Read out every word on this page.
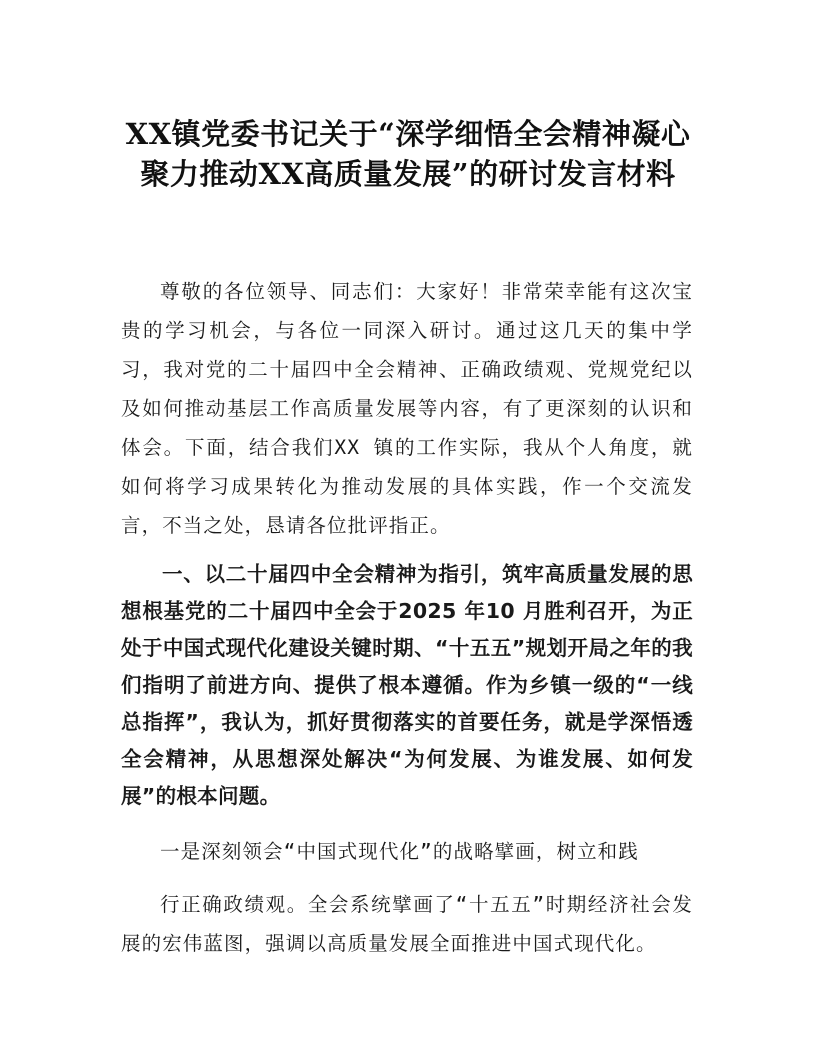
XX镇党委书记关于“深学细悟全会精神凝心聚力推动XX高质量发展”的研讨发言材料

尊敬的各位领导、同志们：大家好！非常荣幸能有这次宝贵的学习机会，与各位一同深入研讨。通过这几天的集中学习，我对党的二十届四中全会精神、正确政绩观、党规党纪以及如何推动基层工作高质量发展等内容，有了更深刻的认识和体会。下面，结合我们XX 镇的工作实际，我从个人角度，就如何将学习成果转化为推动发展的具体实践，作一个交流发言，不当之处，恳请各位批评指正。

一、以二十届四中全会精神为指引，筑牢高质量发展的思想根基党的二十届四中全会于2025 年10 月胜利召开，为正处于中国式现代化建设关键时期、“十五五”规划开局之年的我们指明了前进方向、提供了根本遵循。作为乡镇一级的“一线总指挥”，我认为，抓好贯彻落实的首要任务，就是学深悟透全会精神，从思想深处解决“为何发展、为谁发展、如何发展”的根本问题。

一是深刻领会“中国式现代化”的战略擘画，树立和践

行正确政绩观。全会系统擘画了“十五五”时期经济社会发展的宏伟蓝图，强调以高质量发展全面推进中国式现代化。
